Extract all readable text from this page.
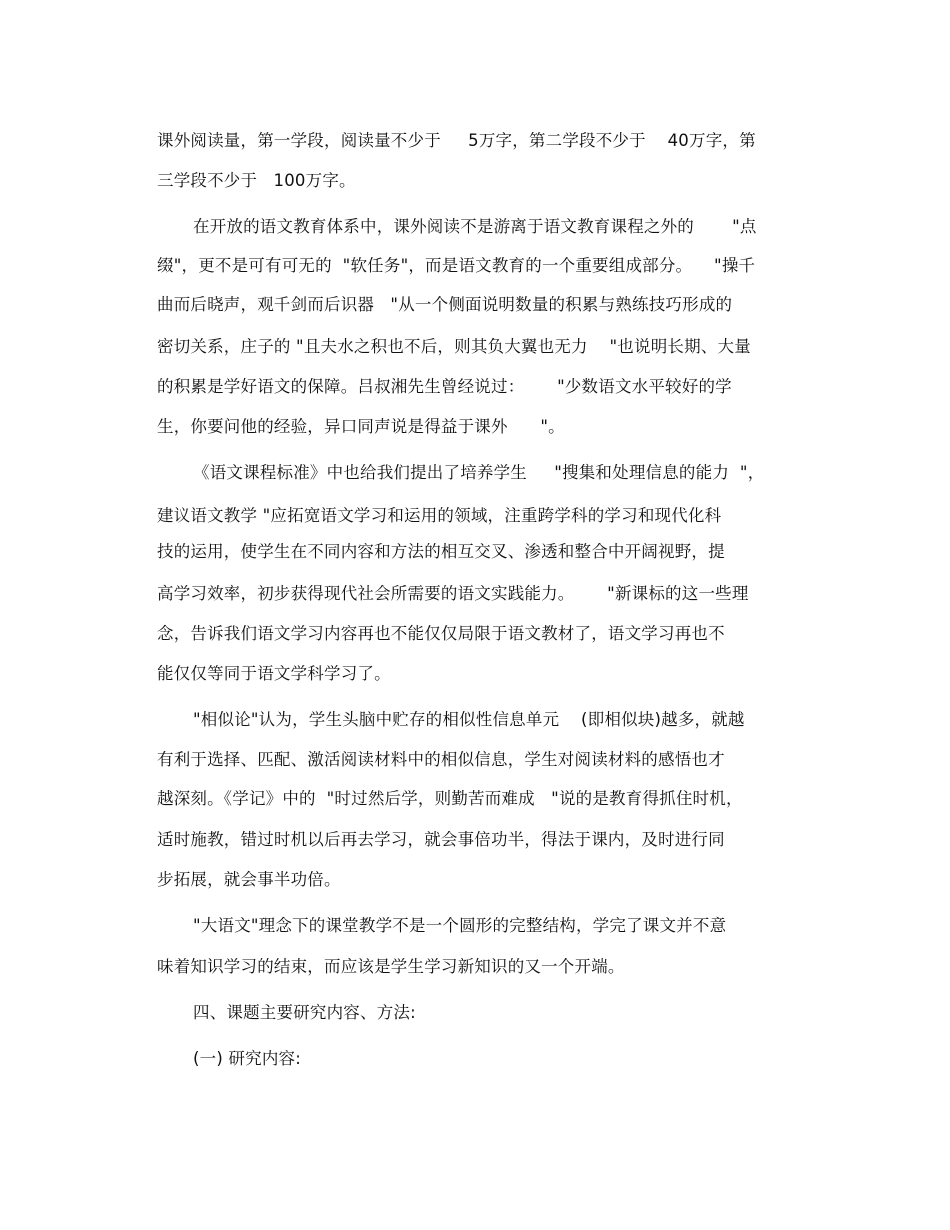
课外阅读量，第一学段，阅读量不少于     5万字，第二学段不少于    40万字，第
三学段不少于   100万字。
在开放的语文教育体系中，课外阅读不是游离于语文教育课程之外的       "点
缀"，更不是可有可无的  "软任务"，而是语文教育的一个重要组成部分。    "操千
曲而后晓声，观千剑而后识器   "从一个侧面说明数量的积累与熟练技巧形成的
密切关系，庄子的 "且夫水之积也不后，则其负大翼也无力    "也说明长期、大量
的积累是学好语文的保障。吕叔湘先生曾经说过：      "少数语文水平较好的学
生，你要问他的经验，异口同声说是得益于课外      "。
《语文课程标准》中也给我们提出了培养学生     "搜集和处理信息的能力  "，
建议语文教学 "应拓宽语文学习和运用的领域，注重跨学科的学习和现代化科
技的运用，使学生在不同内容和方法的相互交叉、渗透和整合中开阔视野，提
高学习效率，初步获得现代社会所需要的语文实践能力。      "新课标的这一些理
念，告诉我们语文学习内容再也不能仅仅局限于语文教材了，语文学习再也不
能仅仅等同于语文学科学习了。
"相似论"认为，学生头脑中贮存的相似性信息单元    (即相似块)越多，就越
有利于选择、匹配、激活阅读材料中的相似信息，学生对阅读材料的感悟也才
越深刻。《学记》中的  "时过然后学，则勤苦而难成   "说的是教育得抓住时机，
适时施教，错过时机以后再去学习，就会事倍功半，得法于课内，及时进行同
步拓展，就会事半功倍。
"大语文"理念下的课堂教学不是一个圆形的完整结构，学完了课文并不意
味着知识学习的结束，而应该是学生学习新知识的又一个开端。
四、课题主要研究内容、方法:
(一) 研究内容:
